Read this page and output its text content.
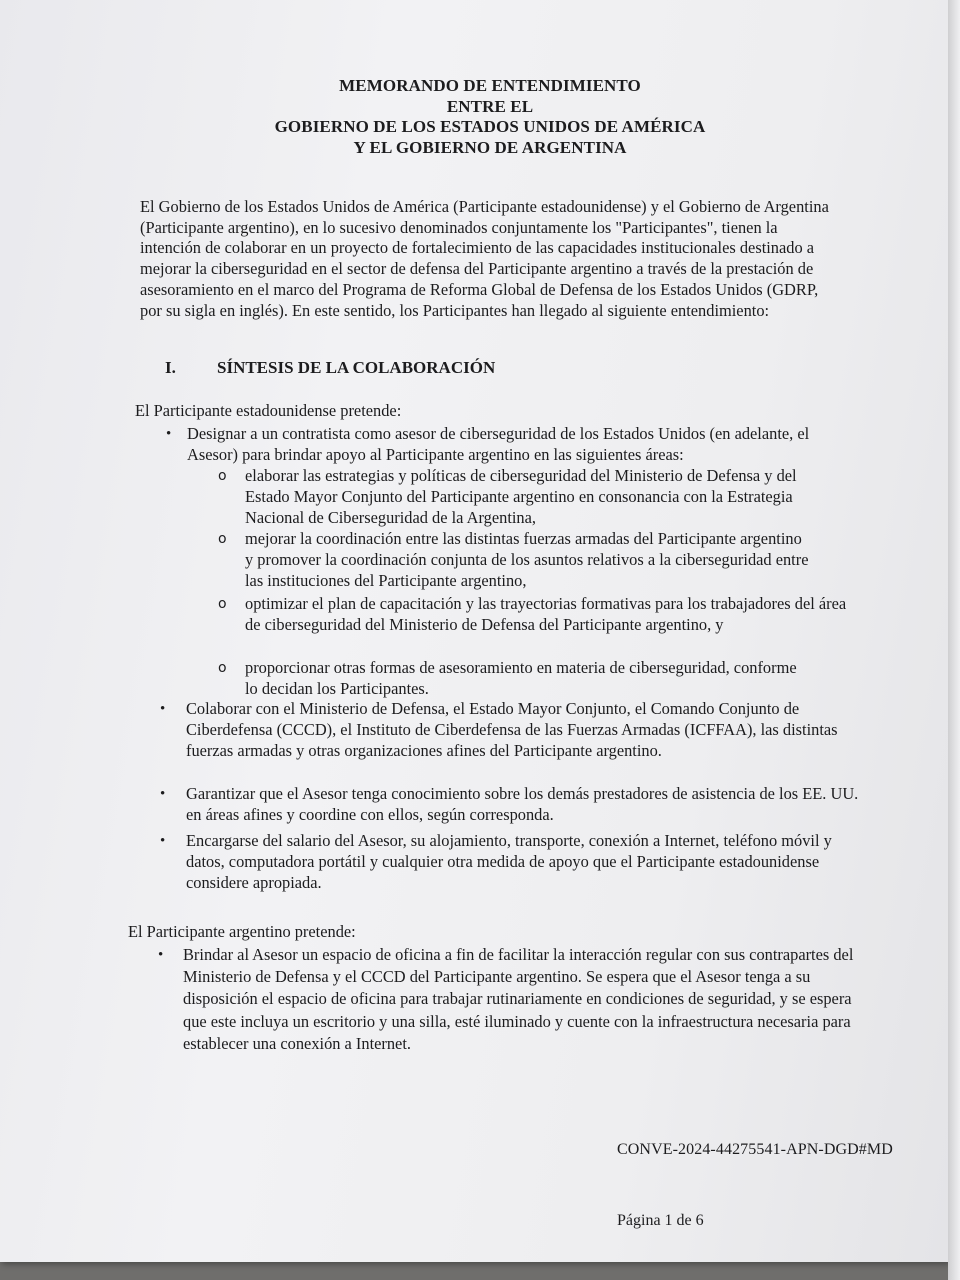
MEMORANDO DE ENTENDIMIENTO
ENTRE EL
GOBIERNO DE LOS ESTADOS UNIDOS DE AMÉRICA
Y EL GOBIERNO DE ARGENTINA

El Gobierno de los Estados Unidos de América (Participante estadounidense) y el Gobierno de Argentina (Participante argentino), en lo sucesivo denominados conjuntamente los "Participantes", tienen la intención de colaborar en un proyecto de fortalecimiento de las capacidades institucionales destinado a mejorar la ciberseguridad en el sector de defensa del Participante argentino a través de la prestación de asesoramiento en el marco del Programa de Reforma Global de Defensa de los Estados Unidos (GDRP, por su sigla en inglés). En este sentido, los Participantes han llegado al siguiente entendimiento:

I. SÍNTESIS DE LA COLABORACIÓN
El Participante estadounidense pretende:
• Designar a un contratista como asesor de ciberseguridad de los Estados Unidos (en adelante, el Asesor) para brindar apoyo al Participante argentino en las siguientes áreas:
o elaborar las estrategias y políticas de ciberseguridad del Ministerio de Defensa y del Estado Mayor Conjunto del Participante argentino en consonancia con la Estrategia Nacional de Ciberseguridad de la Argentina,
o mejorar la coordinación entre las distintas fuerzas armadas del Participante argentino y promover la coordinación conjunta de los asuntos relativos a la ciberseguridad entre las instituciones del Participante argentino,
o optimizar el plan de capacitación y las trayectorias formativas para los trabajadores del área de ciberseguridad del Ministerio de Defensa del Participante argentino, y
o proporcionar otras formas de asesoramiento en materia de ciberseguridad, conforme lo decidan los Participantes.
• Colaborar con el Ministerio de Defensa, el Estado Mayor Conjunto, el Comando Conjunto de Ciberdefensa (CCCD), el Instituto de Ciberdefensa de las Fuerzas Armadas (ICFFAA), las distintas fuerzas armadas y otras organizaciones afines del Participante argentino.
• Garantizar que el Asesor tenga conocimiento sobre los demás prestadores de asistencia de los EE. UU. en áreas afines y coordine con ellos, según corresponda.
• Encargarse del salario del Asesor, su alojamiento, transporte, conexión a Internet, teléfono móvil y datos, computadora portátil y cualquier otra medida de apoyo que el Participante estadounidense considere apropiada.
El Participante argentino pretende:
• Brindar al Asesor un espacio de oficina a fin de facilitar la interacción regular con sus contrapartes del Ministerio de Defensa y el CCCD del Participante argentino. Se espera que el Asesor tenga a su disposición el espacio de oficina para trabajar rutinariamente en condiciones de seguridad, y se espera que este incluya un escritorio y una silla, esté iluminado y cuente con la infraestructura necesaria para establecer una conexión a Internet.
CONVE-2024-44275541-APN-DGD#MD
Página 1 de 6
